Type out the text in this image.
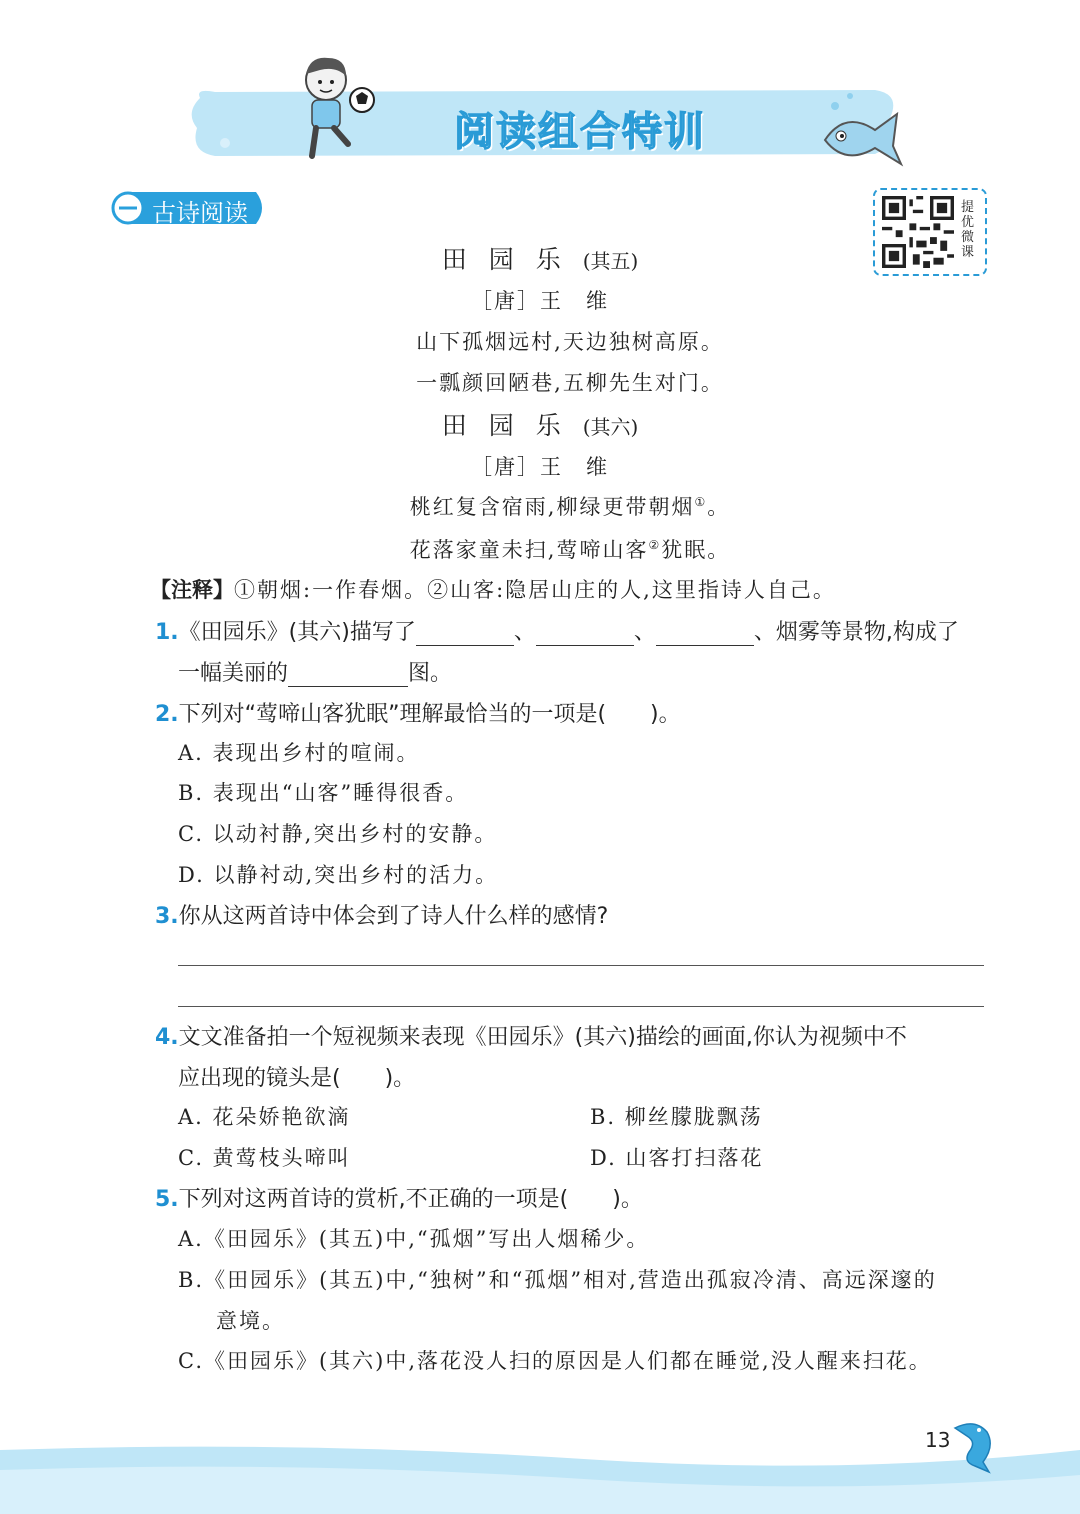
阅读组合特训
古诗阅读	提优微课
田园乐(其五)
［唐］王　维
山下孤烟远村,天边独树高原。
一瓢颜回陋巷,五柳先生对门。
田园乐(其六)
［唐］王　维
桃红复含宿雨,柳绿更带朝烟①。
花落家童未扫,莺啼山客②犹眠。
【注释】①朝烟:一作春烟。②山客:隐居山庄的人,这里指诗人自己。
1.《田园乐》(其六)描写了	、	、	、烟雾等景物,构成了
一幅美丽的	图。
2.下列对“莺啼山客犹眠”理解最恰当的一项是(　　)。
A. 表现出乡村的喧闹。
B. 表现出“山客”睡得很香。
C. 以动衬静,突出乡村的安静。
D. 以静衬动,突出乡村的活力。
3.你从这两首诗中体会到了诗人什么样的感情?
4.文文准备拍一个短视频来表现《田园乐》(其六)描绘的画面,你认为视频中不
应出现的镜头是(　　)。
A. 花朵娇艳欲滴	B. 柳丝朦胧飘荡
C. 黄莺枝头啼叫	D. 山客打扫落花
5.下列对这两首诗的赏析,不正确的一项是(　　)。
A.《田园乐》(其五)中,“孤烟”写出人烟稀少。
B.《田园乐》(其五)中,“独树”和“孤烟”相对,营造出孤寂冷清、高远深邃的
意境。
C.《田园乐》(其六)中,落花没人扫的原因是人们都在睡觉,没人醒来扫花。
13
